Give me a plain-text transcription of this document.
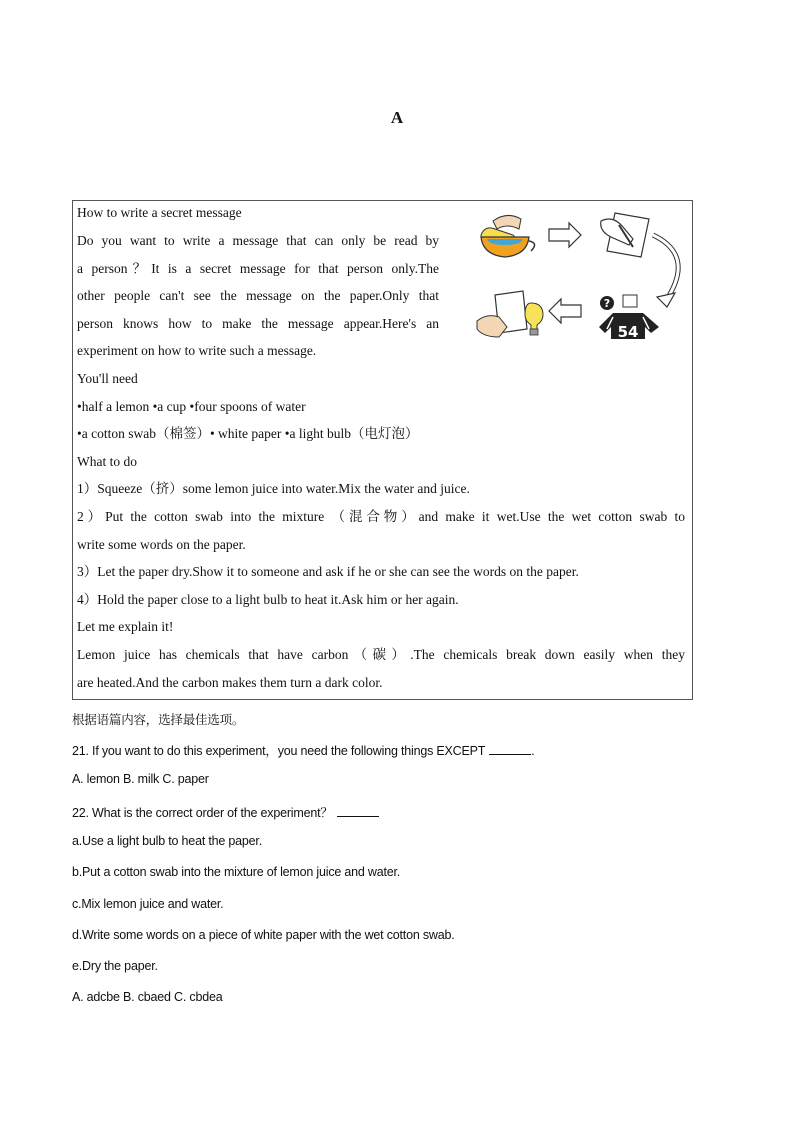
A
How to write a secret message
Do you want to write a message that can only be read by
a person？It is a secret message for that person only.The
other people can't see the message on the paper.Only that
person knows how to make the message appear.Here's an
experiment on how to write such a message.
You'll need
•half a lemon •a cup •four spoons of water
•a cotton swab（棉签）• white paper •a light bulb（电灯泡）
What to do
1）Squeeze（挤）some lemon juice into water.Mix the water and juice.
2）Put the cotton swab into the mixture （混合物）and make it wet.Use the wet cotton swab to
write some words on the paper.
3）Let the paper dry.Show it to someone and ask if he or she can see the words on the paper.
4）Hold the paper close to a light bulb to heat it.Ask him or her again.
Let me explain it!
Lemon juice has chemicals that have carbon（碳）.The chemicals break down easily when they
are heated.And the carbon makes them turn a dark color.
?
54
根据语篇内容，选择最佳选项。
21. If you want to do this experiment，you need the following things EXCEPT	.
A. lemon B. milk C. paper
22. What is the correct order of the experiment？
a.Use a light bulb to heat the paper.
b.Put a cotton swab into the mixture of lemon juice and water.
c.Mix lemon juice and water.
d.Write some words on a piece of white paper with the wet cotton swab.
e.Dry the paper.
A. adcbe B. cbaed C. cbdea
